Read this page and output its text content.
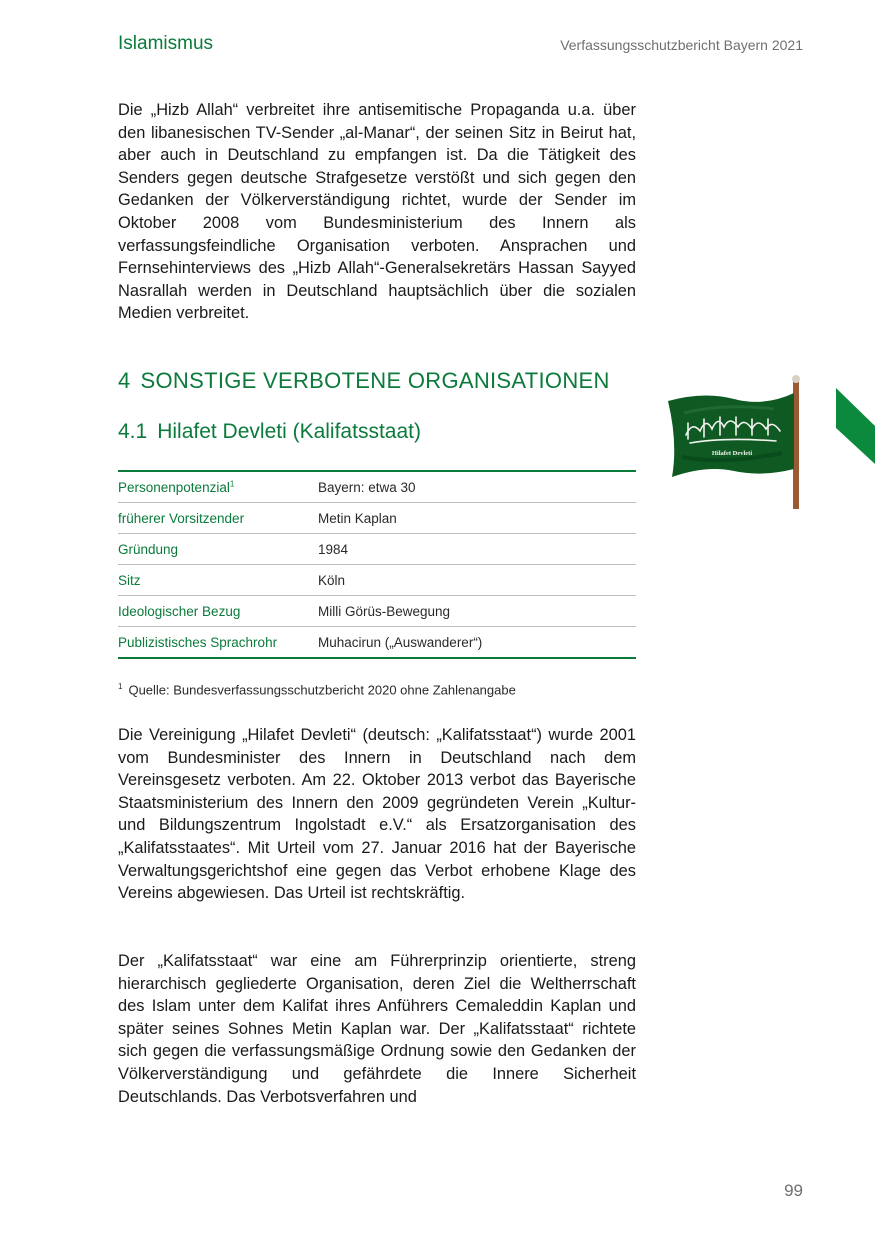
Islamismus	Verfassungsschutzbericht Bayern 2021

Die „Hizb Allah“ verbreitet ihre antisemitische Propaganda u.a. über den libanesischen TV-Sender „al-Manar“, der seinen Sitz in Beirut hat, aber auch in Deutschland zu empfangen ist. Da die Tätigkeit des Senders gegen deutsche Strafgesetze verstößt und sich gegen den Gedanken der Völkerverständigung richtet, wurde der Sender im Oktober 2008 vom Bundesministerium des Innern als verfassungsfeindliche Organisation verboten. Ansprachen und Fernsehinterviews des „Hizb Allah“-Generalsekretärs Hassan Sayyed Nasrallah werden in Deutschland hauptsächlich über die sozialen Medien verbreitet.

4 SONSTIGE VERBOTENE ORGANISATIONEN
4.1 Hilafet Devleti (Kalifatsstaat)
Personenpotenzial$^1$	Bayern: etwa 30
früherer Vorsitzender	Metin Kaplan
Gründung	1984
Sitz	Köln
Ideologischer Bezug	Milli Görüs-Bewegung
Publizistisches Sprachrohr	Muhacirun („Auswanderer“)
$^1$ Quelle: Bundesverfassungsschutzbericht 2020 ohne Zahlenangabe

Die Vereinigung „Hilafet Devleti“ (deutsch: „Kalifatsstaat“) wurde 2001 vom Bundesminister des Innern in Deutschland nach dem Vereinsgesetz verboten. Am 22. Oktober 2013 verbot das Bayerische Staatsministerium des Innern den 2009 gegründeten Verein „Kultur- und Bildungszentrum Ingolstadt e.V.“ als Ersatzorganisation des „Kalifatsstaates“. Mit Urteil vom 27. Januar 2016 hat der Bayerische Verwaltungsgerichtshof eine gegen das Verbot erhobene Klage des Vereins abgewiesen. Das Urteil ist rechtskräftig.

Der „Kalifatsstaat“ war eine am Führerprinzip orientierte, streng hierarchisch gegliederte Organisation, deren Ziel die Weltherrschaft des Islam unter dem Kalifat ihres Anführers Cemaleddin Kaplan und später seines Sohnes Metin Kaplan war. Der „Kalifatsstaat“ richtete sich gegen die verfassungsmäßige Ordnung sowie den Gedanken der Völkerverständigung und gefährdete die Innere Sicherheit Deutschlands. Das Verbotsverfahren und

Hilafet Devleti
99
